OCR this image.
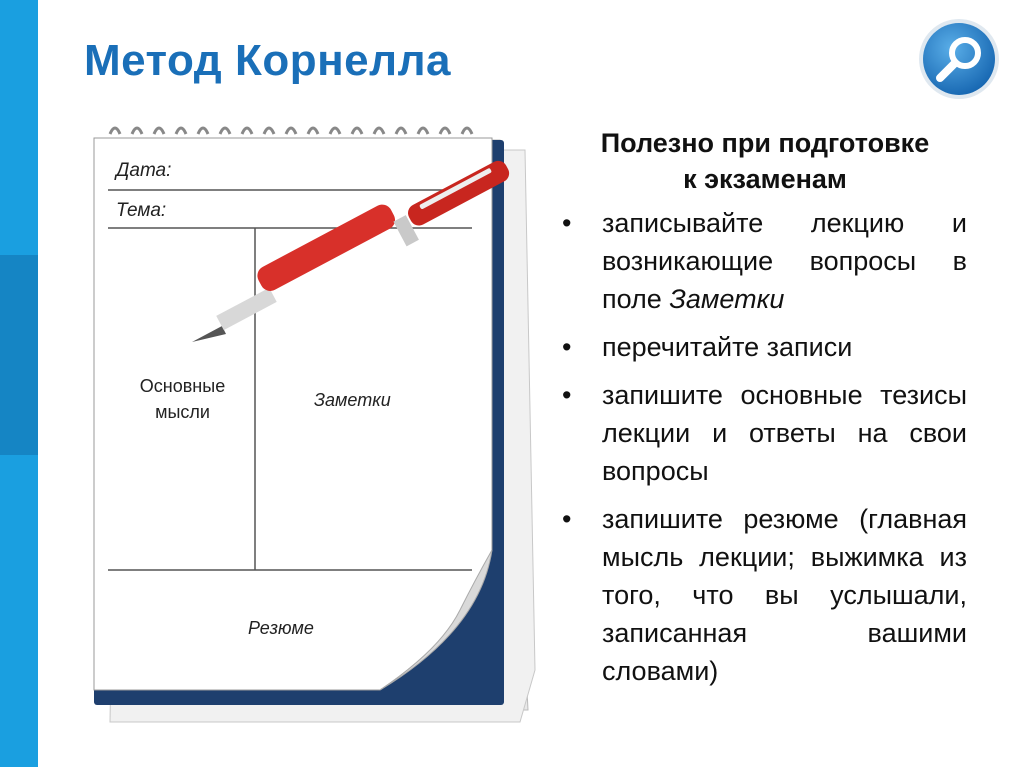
Метод Корнелла
Дата:
Тема:
Основные
мысли
Заметки
Резюме
Полезно при подготовке
к экзаменам
• записывайте лекцию и возникающие вопросы в поле Заметки
• перечитайте записи
• запишите основные тезисы лекции и ответы на свои вопросы
• запишите резюме (главная мысль лекции; выжимка из того, что вы услышали, записанная вашими словами)
